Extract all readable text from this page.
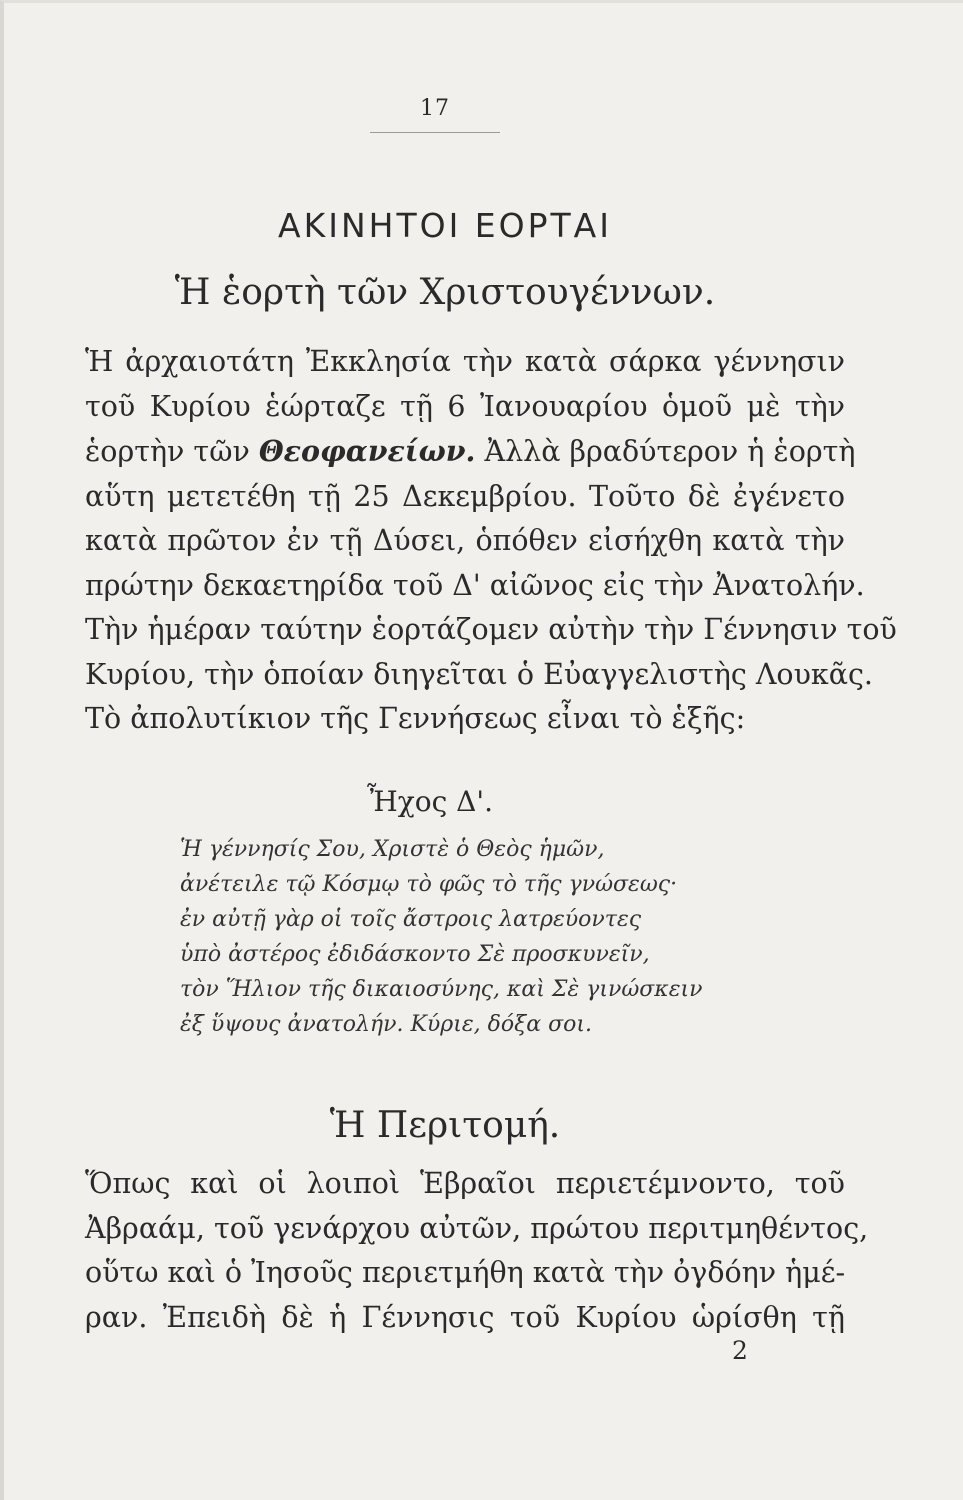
17
ΑΚΙΝΗΤΟΙ ΕΟΡΤΑΙ
Ἡ ἑορτὴ τῶν Χριστουγέννων.
Ἡ ἀρχαιοτάτη Ἐκκλησία τὴν κατὰ σάρκα γέννησιν
τοῦ Κυρίου ἑώρταζε τῇ 6 Ἰανουαρίου ὁμοῦ μὲ τὴν
ἑορτὴν τῶν Θεοφανείων. Ἀλλὰ βραδύτερον ἡ ἑορτὴ
αὕτη μετετέθη τῇ 25 Δεκεμβρίου. Τοῦτο δὲ ἐγένετο
κατὰ πρῶτον ἐν τῇ Δύσει, ὁπόθεν εἰσήχθη κατὰ τὴν
πρώτην δεκαετηρίδα τοῦ Δ' αἰῶνος εἰς τὴν Ἀνατολήν.
Τὴν ἡμέραν ταύτην ἑορτάζομεν αὐτὴν τὴν Γέννησιν τοῦ
Κυρίου, τὴν ὁποίαν διηγεῖται ὁ Εὐαγγελιστὴς Λουκᾶς.
Τὸ ἀπολυτίκιον τῆς Γεννήσεως εἶναι τὸ ἑξῆς:
Ἦχος Δ'.
Ἡ γέννησίς Σου, Χριστὲ ὁ Θεὸς ἡμῶν,
ἀνέτειλε τῷ Κόσμῳ τὸ φῶς τὸ τῆς γνώσεως·
ἐν αὐτῇ γὰρ οἱ τοῖς ἄστροις λατρεύοντες
ὑπὸ ἀστέρος ἐδιδάσκοντο Σὲ προσκυνεῖν,
τὸν Ἥλιον τῆς δικαιοσύνης, καὶ Σὲ γινώσκειν
ἐξ ὕψους ἀνατολήν. Κύριε, δόξα σοι.
Ἡ Περιτομή.
Ὅπως καὶ οἱ λοιποὶ Ἑβραῖοι περιετέμνοντο, τοῦ
Ἀβραάμ, τοῦ γενάρχου αὐτῶν, πρώτου περιτμηθέντος,
οὕτω καὶ ὁ Ἰησοῦς περιετμήθη κατὰ τὴν ὀγδόην ἡμέ-
ραν. Ἐπειδὴ δὲ ἡ Γέννησις τοῦ Κυρίου ὡρίσθη τῇ
2
